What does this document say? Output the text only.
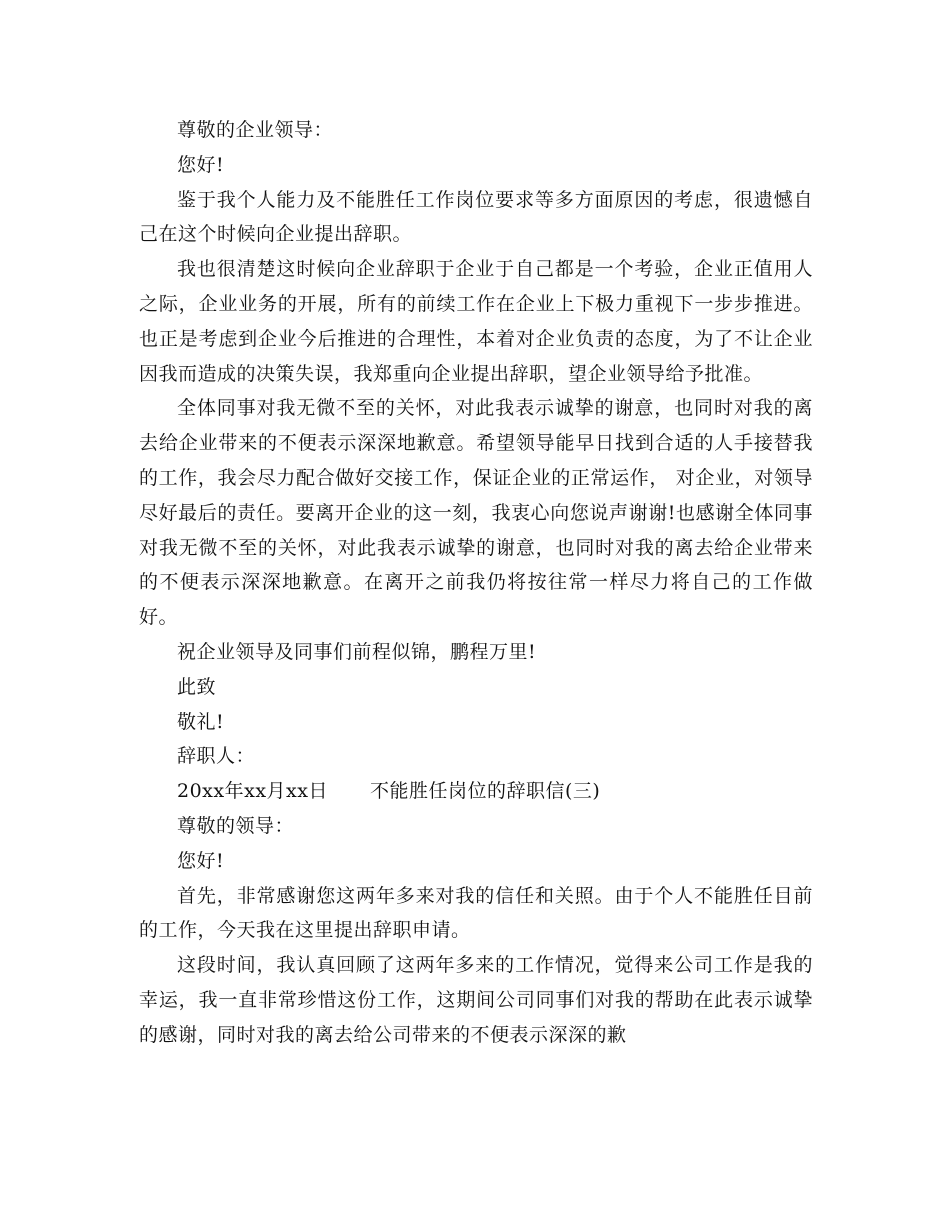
尊敬的企业领导：

您好!

鉴于我个人能力及不能胜任工作岗位要求等多方面原因的考虑，很遗憾自己在这个时候向企业提出辞职。

我也很清楚这时候向企业辞职于企业于自己都是一个考验，企业正值用人之际，企业业务的开展，所有的前续工作在企业上下极力重视下一步步推进。也正是考虑到企业今后推进的合理性，本着对企业负责的态度，为了不让企业因我而造成的决策失误，我郑重向企业提出辞职，望企业领导给予批准。

全体同事对我无微不至的关怀，对此我表示诚挚的谢意，也同时对我的离去给企业带来的不便表示深深地歉意。希望领导能早日找到合适的人手接替我的工作，我会尽力配合做好交接工作，保证企业的正常运作， 对企业，对领导尽好最后的责任。要离开企业的这一刻，我衷心向您说声谢谢!也感谢全体同事对我无微不至的关怀，对此我表示诚挚的谢意，也同时对我的离去给企业带来的不便表示深深地歉意。在离开之前我仍将按往常一样尽力将自己的工作做好。

祝企业领导及同事们前程似锦，鹏程万里!

此致

敬礼!

辞职人：

20xx年xx月xx日 不能胜任岗位的辞职信(三)

尊敬的领导：

您好!

首先，非常感谢您这两年多来对我的信任和关照。由于个人不能胜任目前的工作，今天我在这里提出辞职申请。

这段时间，我认真回顾了这两年多来的工作情况，觉得来公司工作是我的幸运，我一直非常珍惜这份工作，这期间公司同事们对我的帮助在此表示诚挚的感谢，同时对我的离去给公司带来的不便表示深深的歉
